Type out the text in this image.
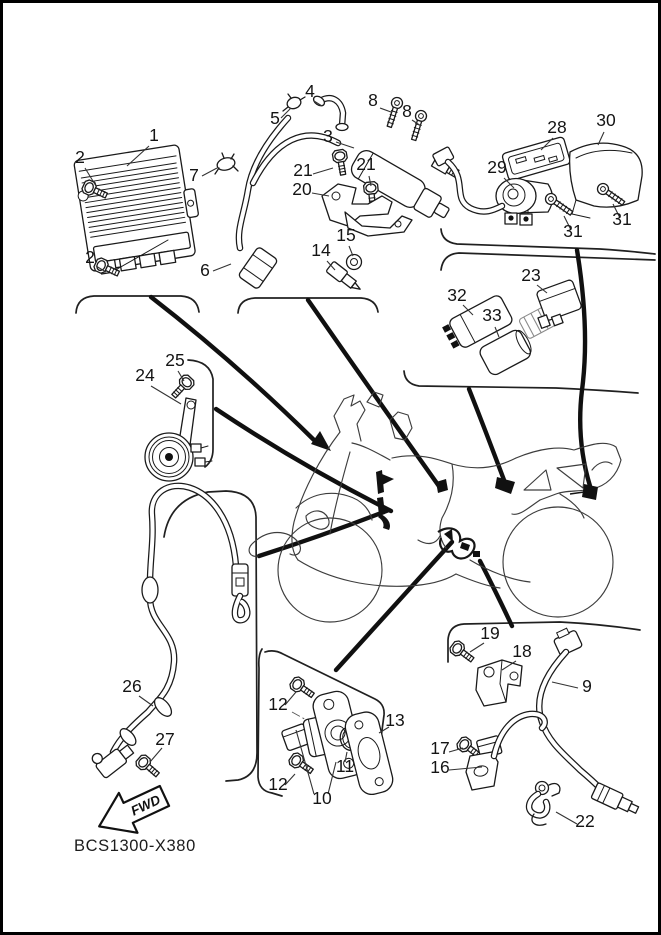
FWD
BCS1300-X380
1
2
2
7
6
4
5
3
8
8
21 21
20
15
14
28 30
29
31
31
32
33
23
24
25
26
27
12
12
10
11
13
19
18
9
17
16
22
